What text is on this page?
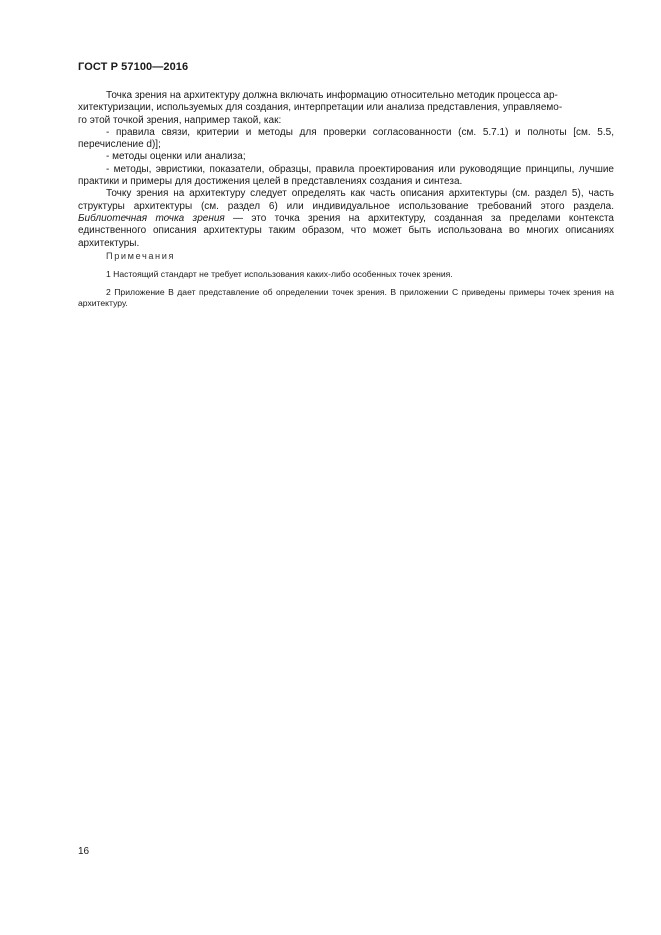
ГОСТ Р 57100—2016

Точка зрения на архитектуру должна включать информацию относительно методик процесса ар-
хитектуризации, используемых для создания, интерпретации или анализа представления, управляемо-
го этой точкой зрения, например такой, как:

- правила связи, критерии и методы для проверки согласованности (см. 5.7.1) и полноты [см. 5.5, перечисление d)];

- методы оценки или анализа;

- методы, эвристики, показатели, образцы, правила проектирования или руководящие принципы, лучшие практики и примеры для достижения целей в представлениях создания и синтеза.

Точку зрения на архитектуру следует определять как часть описания архитектуры (см. раздел 5), часть структуры архитектуры (см. раздел 6) или индивидуальное использование требований этого раздела. Библиотечная точка зрения — это точка зрения на архитектуру, созданная за пределами контекста единственного описания архитектуры таким образом, что может быть использована во многих описаниях архитектуры.

Примечания

1 Настоящий стандарт не требует использования каких-либо особенных точек зрения.

2 Приложение В дает представление об определении точек зрения. В приложении С приведены примеры точек зрения на архитектуру.

16
